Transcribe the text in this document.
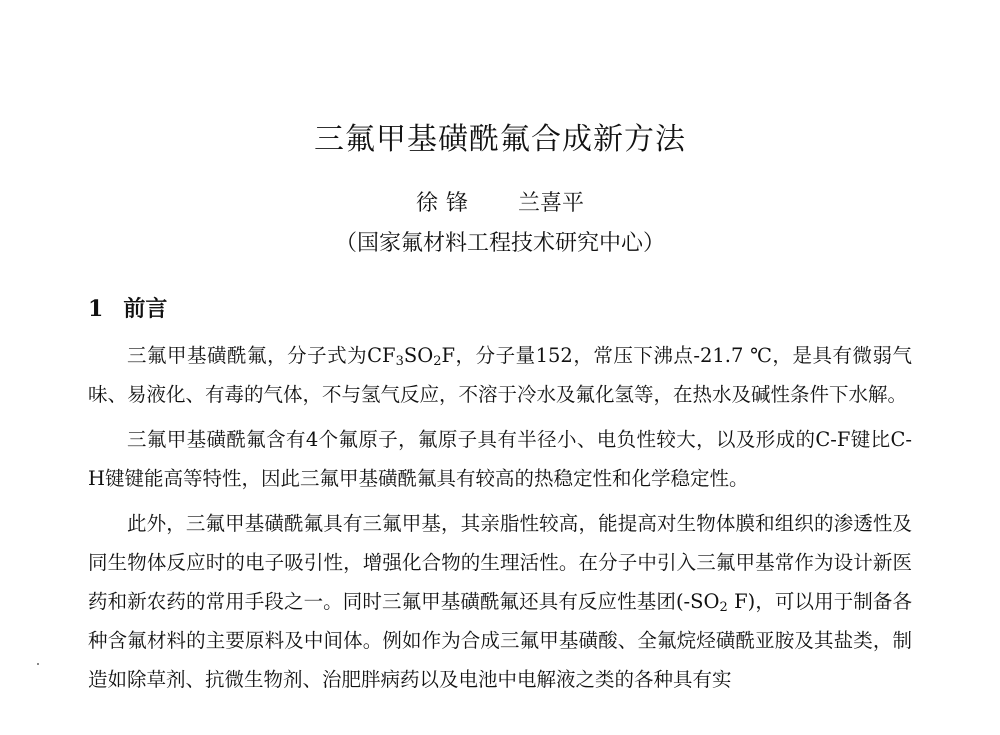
三氟甲基磺酰氟合成新方法

徐锋 兰喜平

（国家氟材料工程技术研究中心）

1 前言

三氟甲基磺酰氟，分子式为$CF_3SO_2F$，分子量152，常压下沸点-21.7 ℃，是具有微弱气味、易液化、有毒的气体，不与氢气反应，不溶于冷水及氟化氢等，在热水及碱性条件下水解。

三氟甲基磺酰氟含有4个氟原子，氟原子具有半径小、电负性较大，以及形成的C-F键比C-H键键能高等特性，因此三氟甲基磺酰氟具有较高的热稳定性和化学稳定性。

此外，三氟甲基磺酰氟具有三氟甲基，其亲脂性较高，能提高对生物体膜和组织的渗透性及同生物体反应时的电子吸引性，增强化合物的生理活性。在分子中引入三氟甲基常作为设计新医药和新农药的常用手段之一。同时三氟甲基磺酰氟还具有反应性基团($-SO_2$ F)，可以用于制备各种含氟材料的主要原料及中间体。例如作为合成三氟甲基磺酸、全氟烷烃磺酰亚胺及其盐类，制造如除草剂、抗微生物剂、治肥胖病药以及电池中电解液之类的各种具有实
